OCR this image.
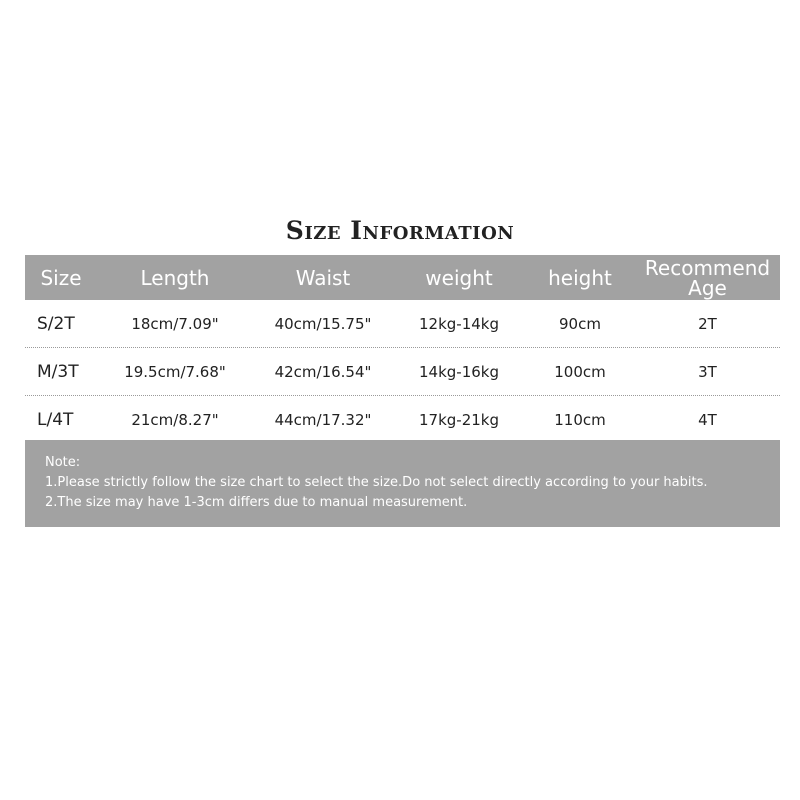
Size Information
Size	Length	Waist	weight	height	Recommend
Age
S/2T	18cm/7.09"	40cm/15.75"	12kg-14kg	90cm	2T
M/3T	19.5cm/7.68"	42cm/16.54"	14kg-16kg	100cm	3T
L/4T	21cm/8.27"	44cm/17.32"	17kg-21kg	110cm	4T
Note:
1.Please strictly follow the size chart to select the size.Do not select directly according to your habits.
2.The size may have 1-3cm differs due to manual measurement.
